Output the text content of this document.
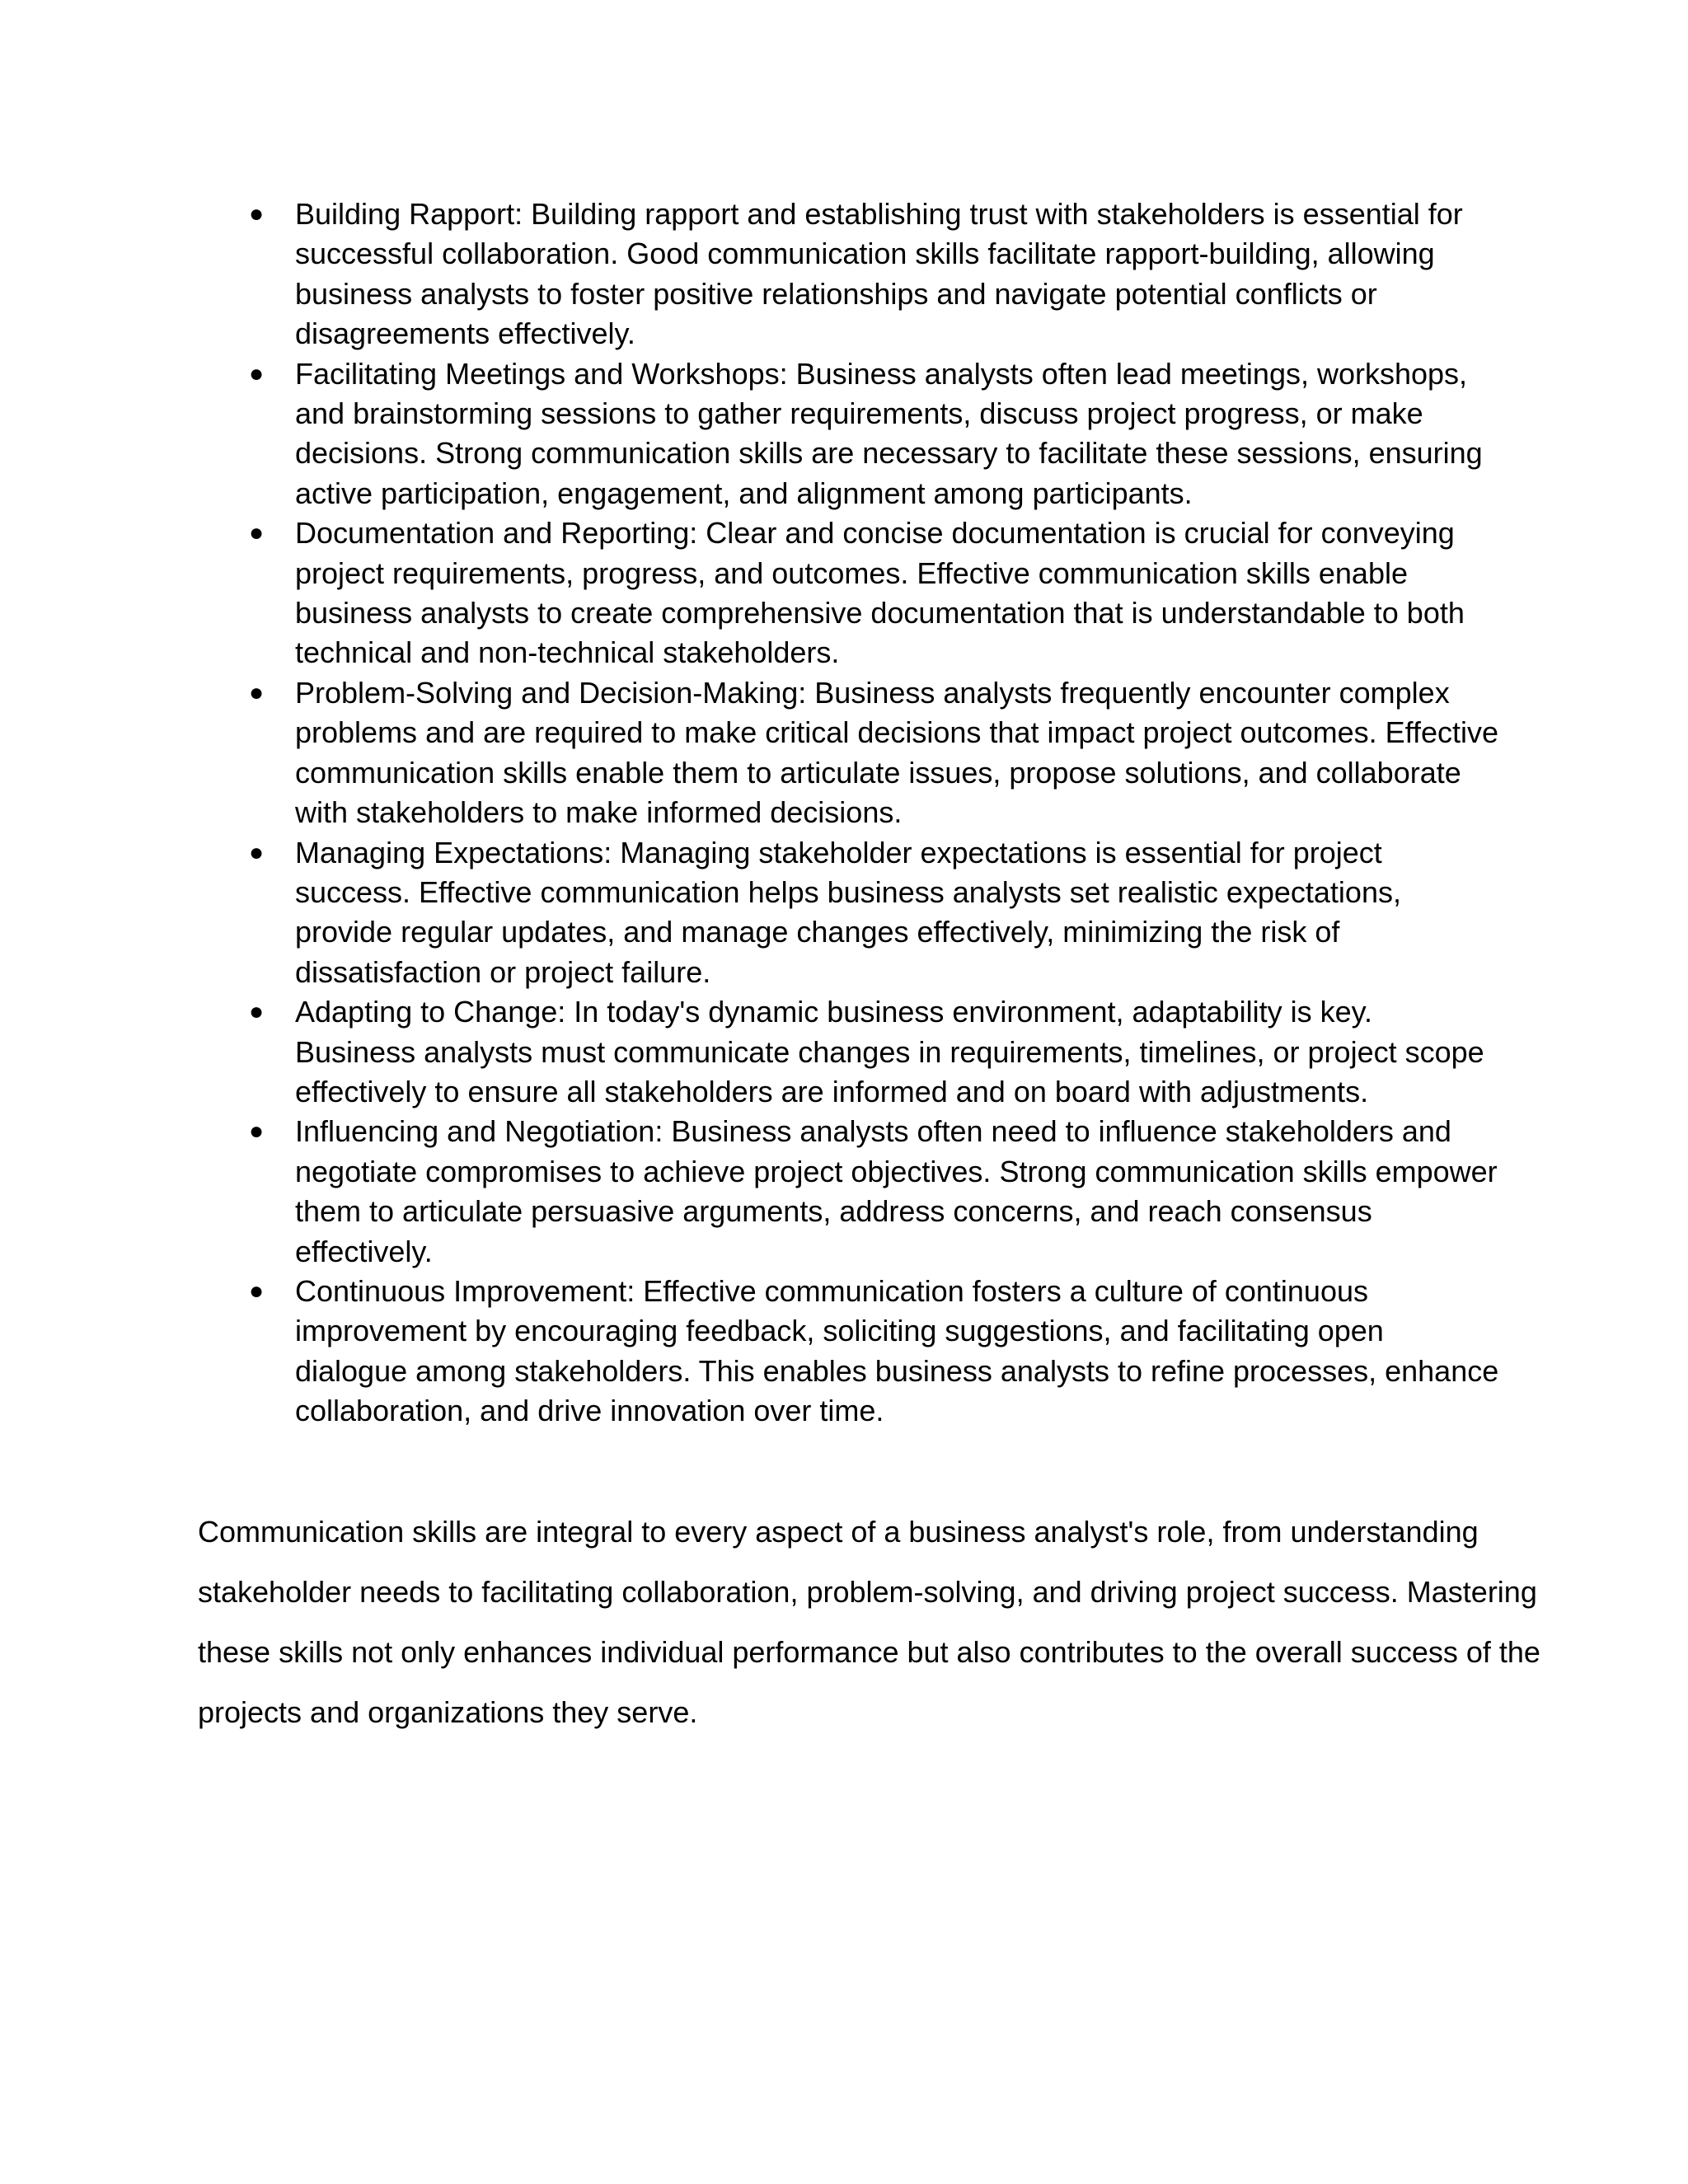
● Building Rapport: Building rapport and establishing trust with stakeholders is essential for successful collaboration. Good communication skills facilitate rapport-building, allowing business analysts to foster positive relationships and navigate potential conflicts or disagreements effectively.
● Facilitating Meetings and Workshops: Business analysts often lead meetings, workshops, and brainstorming sessions to gather requirements, discuss project progress, or make decisions. Strong communication skills are necessary to facilitate these sessions, ensuring active participation, engagement, and alignment among participants.
● Documentation and Reporting: Clear and concise documentation is crucial for conveying project requirements, progress, and outcomes. Effective communication skills enable business analysts to create comprehensive documentation that is understandable to both technical and non-technical stakeholders.
● Problem-Solving and Decision-Making: Business analysts frequently encounter complex problems and are required to make critical decisions that impact project outcomes. Effective communication skills enable them to articulate issues, propose solutions, and collaborate with stakeholders to make informed decisions.
● Managing Expectations: Managing stakeholder expectations is essential for project success. Effective communication helps business analysts set realistic expectations, provide regular updates, and manage changes effectively, minimizing the risk of dissatisfaction or project failure.
● Adapting to Change: In today's dynamic business environment, adaptability is key. Business analysts must communicate changes in requirements, timelines, or project scope effectively to ensure all stakeholders are informed and on board with adjustments.
● Influencing and Negotiation: Business analysts often need to influence stakeholders and negotiate compromises to achieve project objectives. Strong communication skills empower them to articulate persuasive arguments, address concerns, and reach consensus effectively.
● Continuous Improvement: Effective communication fosters a culture of continuous improvement by encouraging feedback, soliciting suggestions, and facilitating open dialogue among stakeholders. This enables business analysts to refine processes, enhance collaboration, and drive innovation over time.

Communication skills are integral to every aspect of a business analyst's role, from understanding stakeholder needs to facilitating collaboration, problem-solving, and driving project success. Mastering these skills not only enhances individual performance but also contributes to the overall success of the projects and organizations they serve.
